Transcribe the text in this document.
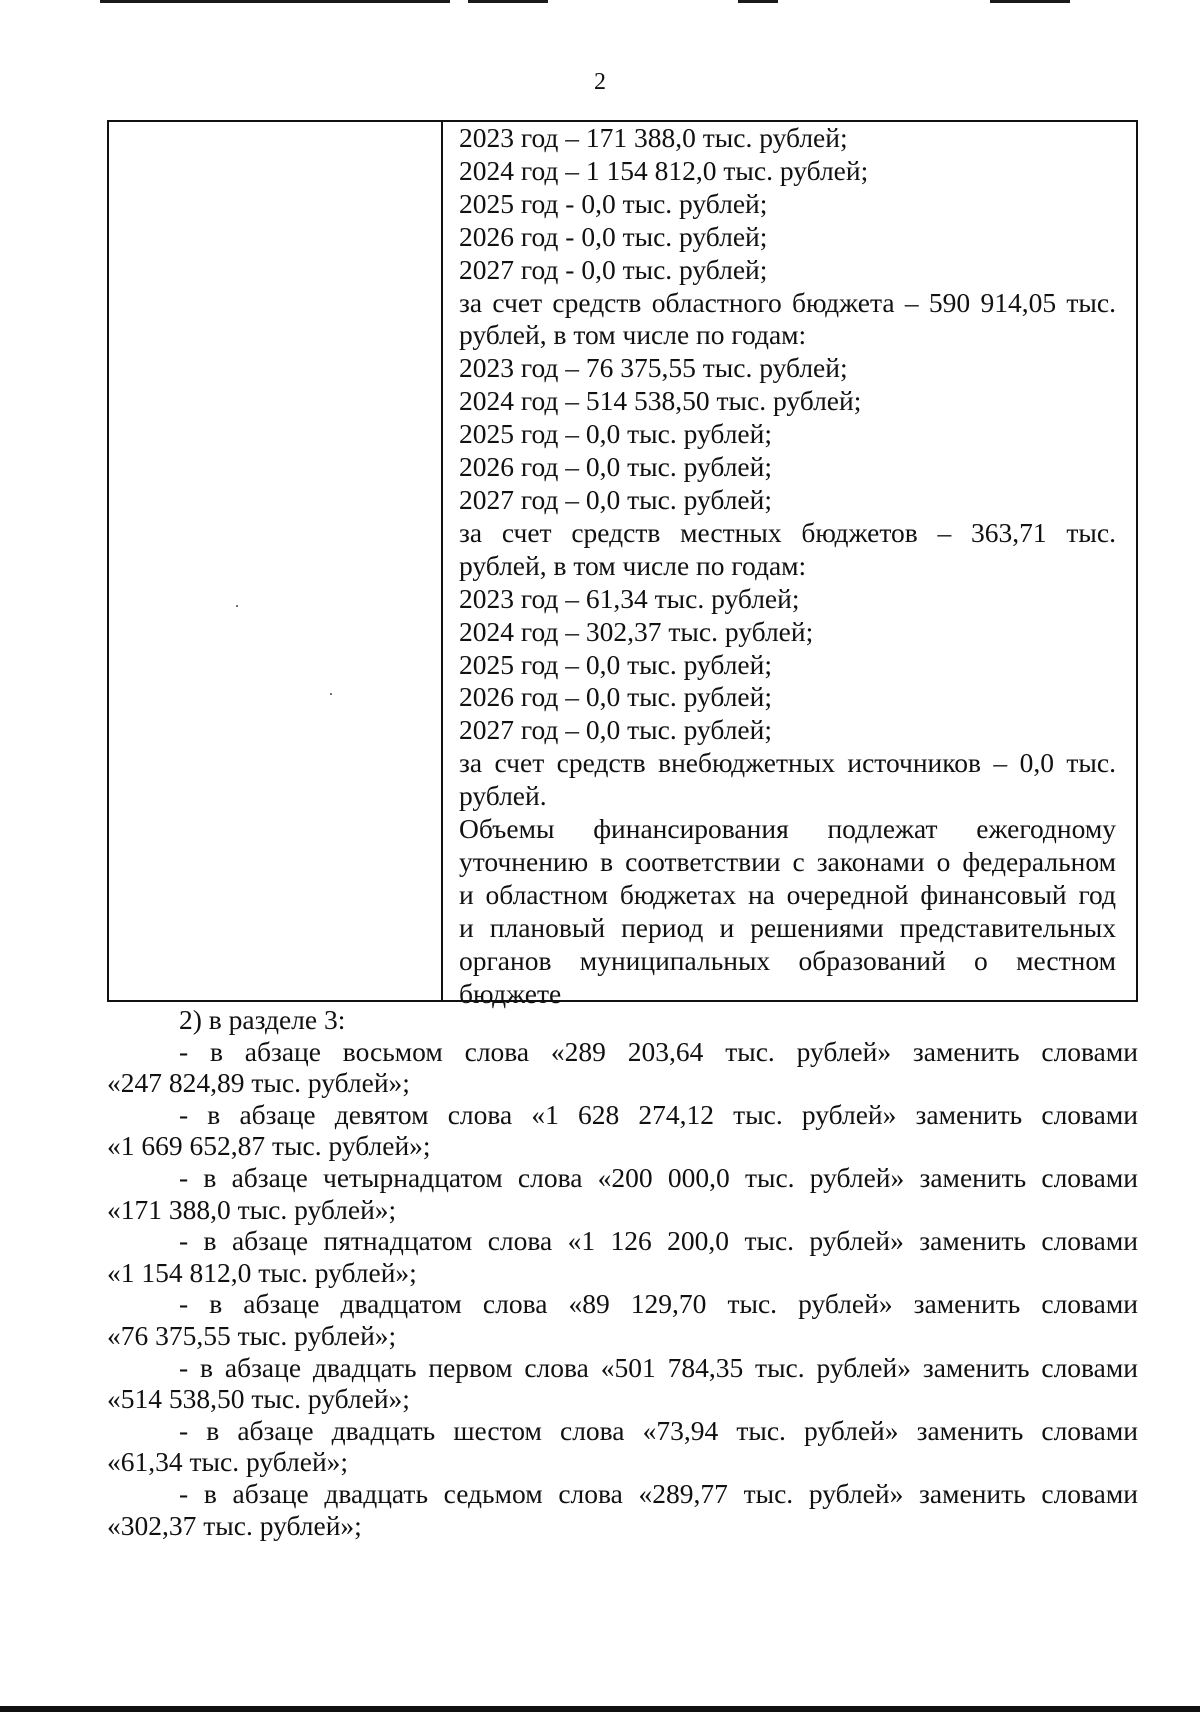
2
2023 год – 171 388,0 тыс. рублей;
2024 год – 1 154 812,0 тыс. рублей;
2025 год - 0,0 тыс. рублей;
2026 год - 0,0 тыс. рублей;
2027 год - 0,0 тыс. рублей;
за счет средств областного бюджета – 590 914,05 тыс.
рублей, в том числе по годам:
2023 год – 76 375,55 тыс. рублей;
2024 год – 514 538,50 тыс. рублей;
2025 год – 0,0 тыс. рублей;
2026 год – 0,0 тыс. рублей;
2027 год – 0,0 тыс. рублей;
за счет средств местных бюджетов – 363,71 тыс.
рублей, в том числе по годам:
2023 год – 61,34 тыс. рублей;
2024 год – 302,37 тыс. рублей;
2025 год – 0,0 тыс. рублей;
2026 год – 0,0 тыс. рублей;
2027 год – 0,0 тыс. рублей;
за счет средств внебюджетных источников – 0,0 тыс.
рублей.
Объемы финансирования подлежат ежегодному
уточнению в соответствии с законами о федеральном
и областном бюджетах на очередной финансовый год
и плановый период и решениями представительных
органов муниципальных образований о местном
бюджете
2) в разделе 3:
- в абзаце восьмом слова «289 203,64 тыс. рублей» заменить словами
«247 824,89 тыс. рублей»;
- в абзаце девятом слова «1 628 274,12 тыс. рублей» заменить словами
«1 669 652,87 тыс. рублей»;
- в абзаце четырнадцатом слова «200 000,0 тыс. рублей» заменить словами
«171 388,0 тыс. рублей»;
- в абзаце пятнадцатом слова «1 126 200,0 тыс. рублей» заменить словами
«1 154 812,0 тыс. рублей»;
- в абзаце двадцатом слова «89 129,70 тыс. рублей» заменить словами
«76 375,55 тыс. рублей»;
- в абзаце двадцать первом слова «501 784,35 тыс. рублей» заменить словами
«514 538,50 тыс. рублей»;
- в абзаце двадцать шестом слова «73,94 тыс. рублей» заменить словами
«61,34 тыс. рублей»;
- в абзаце двадцать седьмом слова «289,77 тыс. рублей» заменить словами
«302,37 тыс. рублей»;
